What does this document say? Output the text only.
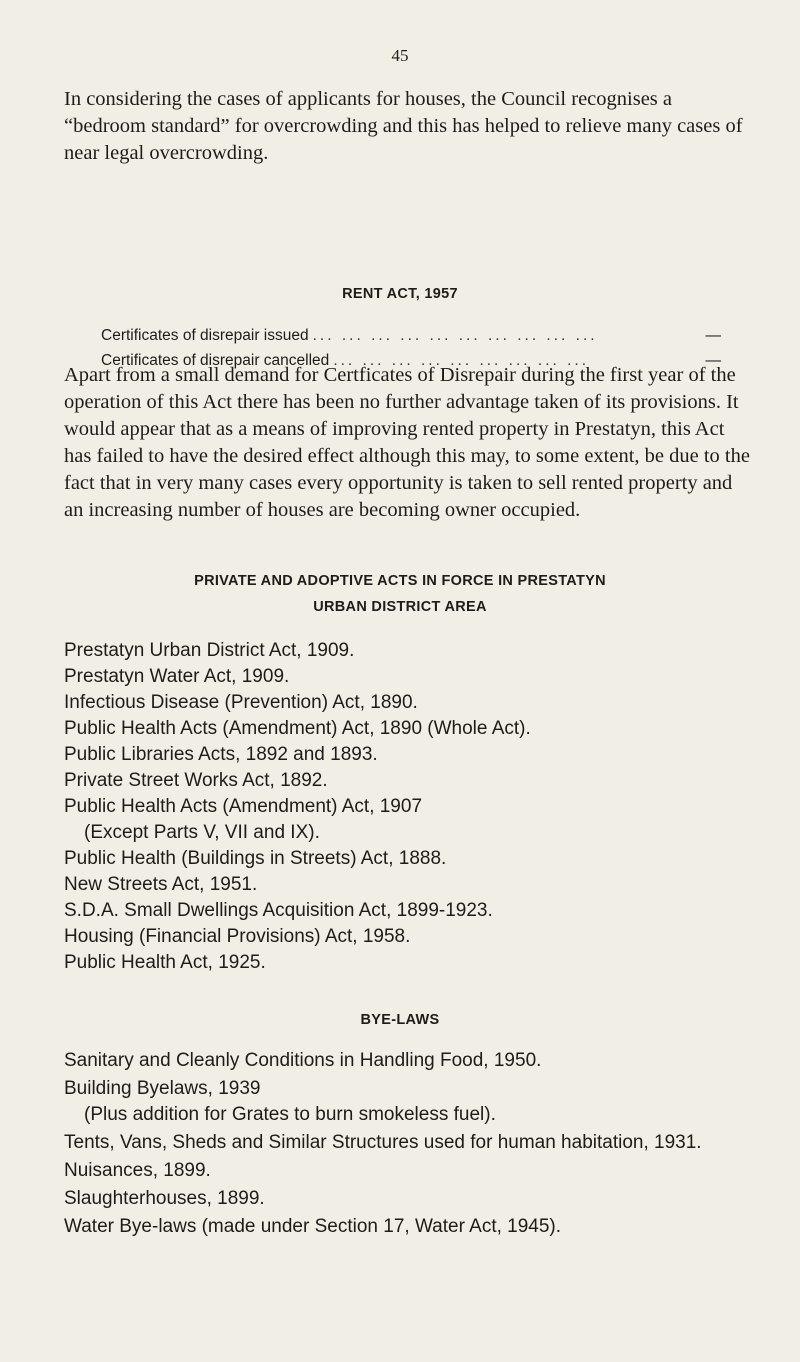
45

In considering the cases of applicants for houses, the Council recognises a “bedroom standard” for overcrowding and this has helped to relieve many cases of near legal overcrowding.

RENT ACT, 1957
Certificates of disrepair issued ... ... ... ... ... ... ... ... ... ...	—
Certificates of disrepair cancelled ... ... ... ... ... ... ... ... ...	—

Apart from a small demand for Certficates of Disrepair during the first year of the operation of this Act there has been no further advantage taken of its provisions. It would appear that as a means of improving rented property in Prestatyn, this Act has failed to have the desired effect although this may, to some extent, be due to the fact that in very many cases every opportunity is taken to sell rented property and an increasing number of houses are becoming owner occupied.

PRIVATE AND ADOPTIVE ACTS IN FORCE IN PRESTATYN
URBAN DISTRICT AREA
Prestatyn Urban District Act, 1909.
Prestatyn Water Act, 1909.
Infectious Disease (Prevention) Act, 1890.
Public Health Acts (Amendment) Act, 1890 (Whole Act).
Public Libraries Acts, 1892 and 1893.
Private Street Works Act, 1892.
Public Health Acts (Amendment) Act, 1907
(Except Parts V, VII and IX).
Public Health (Buildings in Streets) Act, 1888.
New Streets Act, 1951.
S.D.A. Small Dwellings Acquisition Act, 1899-1923.
Housing (Financial Provisions) Act, 1958.
Public Health Act, 1925.
BYE-LAWS
Sanitary and Cleanly Conditions in Handling Food, 1950.
Building Byelaws, 1939
(Plus addition for Grates to burn smokeless fuel).
Tents, Vans, Sheds and Similar Structures used for human habitation, 1931.
Nuisances, 1899.
Slaughterhouses, 1899.
Water Bye-laws (made under Section 17, Water Act, 1945).
